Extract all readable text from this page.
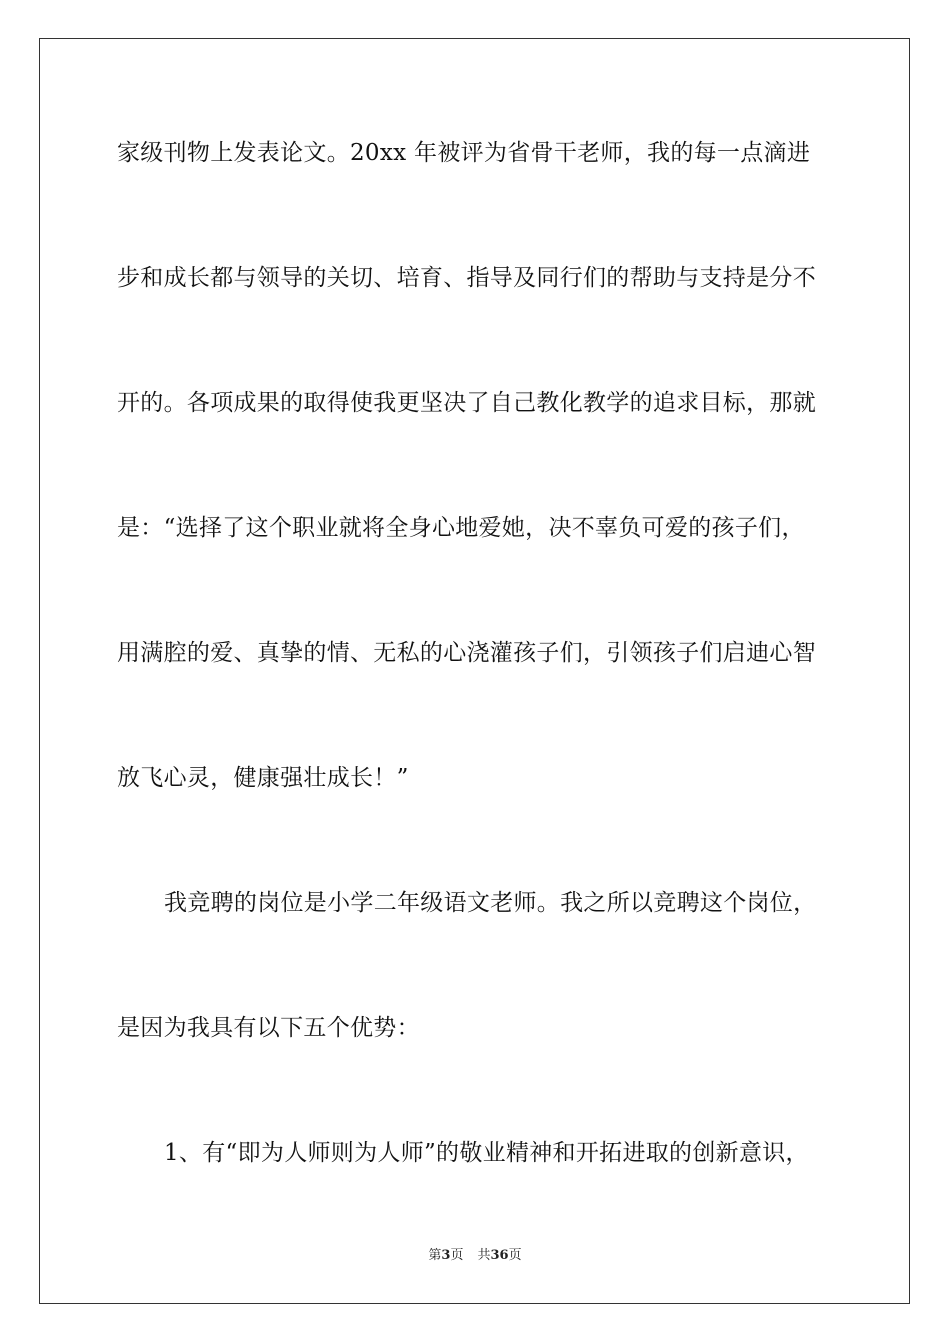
家级刊物上发表论文。20xx 年被评为省骨干老师，我的每一点滴进
步和成长都与领导的关切、培育、指导及同行们的帮助与支持是分不
开的。各项成果的取得使我更坚决了自己教化教学的追求目标，那就
是：“选择了这个职业就将全身心地爱她，决不辜负可爱的孩子们，
用满腔的爱、真挚的情、无私的心浇灌孩子们，引领孩子们启迪心智
放飞心灵，健康强壮成长！”
我竞聘的岗位是小学二年级语文老师。我之所以竞聘这个岗位，
是因为我具有以下五个优势：
1、有“即为人师则为人师”的敬业精神和开拓进取的创新意识，
第3页 共36页
